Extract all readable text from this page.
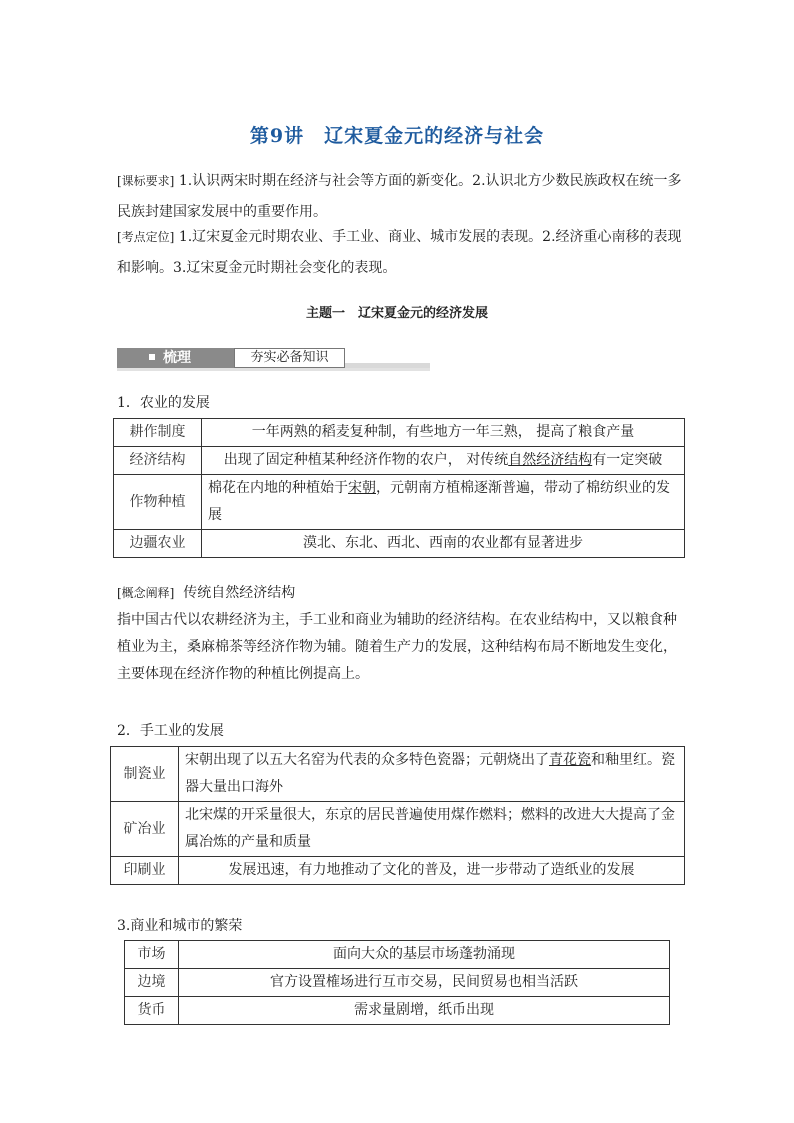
第9讲　辽宋夏金元的经济与社会
[课标要求] 1.认识两宋时期在经济与社会等方面的新变化。2.认识北方少数民族政权在统一多民族封建国家发展中的重要作用。
[考点定位] 1.辽宋夏金元时期农业、手工业、商业、城市发展的表现。2.经济重心南移的表现和影响。3.辽宋夏金元时期社会变化的表现。
主题一　辽宋夏金元的经济发展
梳理	夯实必备知识
1．农业的发展
耕作制度	一年两熟的稻麦复种制，有些地方一年三熟， 提高了粮食产量
经济结构	出现了固定种植某种经济作物的农户， 对传统自然经济结构有一定突破
作物种植	棉花在内地的种植始于宋朝，元朝南方植棉逐渐普遍，带动了棉纺织业的发展
边疆农业	漠北、东北、西北、西南的农业都有显著进步
[概念阐释] 传统自然经济结构
指中国古代以农耕经济为主，手工业和商业为辅助的经济结构。在农业结构中，又以粮食种植业为主，桑麻棉茶等经济作物为辅。随着生产力的发展，这种结构布局不断地发生变化，主要体现在经济作物的种植比例提高上。
2．手工业的发展
制瓷业	宋朝出现了以五大名窑为代表的众多特色瓷器；元朝烧出了青花瓷和釉里红。瓷器大量出口海外
矿冶业	北宋煤的开采量很大，东京的居民普遍使用煤作燃料；燃料的改进大大提高了金属冶炼的产量和质量
印刷业	发展迅速，有力地推动了文化的普及，进一步带动了造纸业的发展
3.商业和城市的繁荣
市场	面向大众的基层市场蓬勃涌现
边境	官方设置榷场进行互市交易，民间贸易也相当活跃
货币	需求量剧增，纸币出现
